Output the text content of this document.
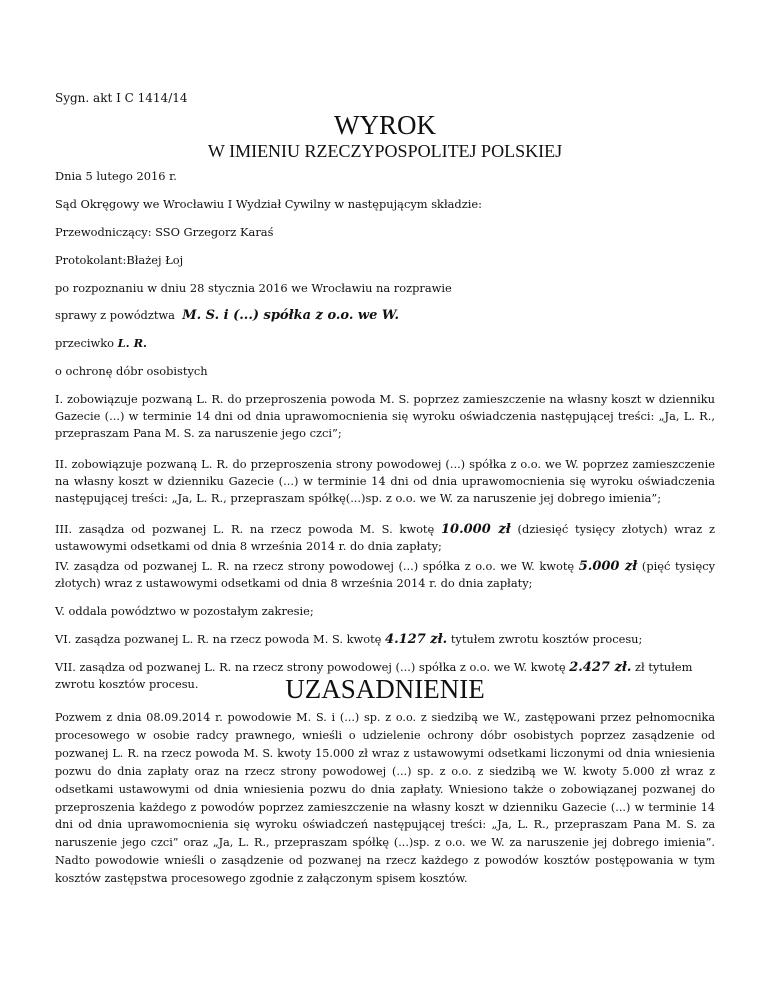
Sygn. akt I C 1414/14
WYROK
W IMIENIU RZECZYPOSPOLITEJ POLSKIEJ
Dnia 5 lutego 2016 r.
Sąd Okręgowy we Wrocławiu I Wydział Cywilny w następującym składzie:
Przewodniczący: SSO Grzegorz Karaś
Protokolant:Błażej Łoj
po rozpoznaniu w dniu 28 stycznia 2016 we Wrocławiu na rozprawie
sprawy z powództwa M. S. i (...) spółka z o.o. we W.
przeciwko L. R.
o ochronę dóbr osobistych
I. zobowiązuje pozwaną L. R. do przeproszenia powoda M. S. poprzez zamieszczenie na własny koszt w dzienniku Gazecie (...) w terminie 14 dni od dnia uprawomocnienia się wyroku oświadczenia następującej treści: „Ja, L. R., przepraszam Pana M. S. za naruszenie jego czci”;
II. zobowiązuje pozwaną L. R. do przeproszenia strony powodowej (...) spółka z o.o. we W. poprzez zamieszczenie na własny koszt w dzienniku Gazecie (...) w terminie 14 dni od dnia uprawomocnienia się wyroku oświadczenia następującej treści: „Ja, L. R., przepraszam spółkę(...)sp. z o.o. we W. za naruszenie jej dobrego imienia”;
III. zasądza od pozwanej L. R. na rzecz powoda M. S. kwotę 10.000 zł (dziesięć tysięcy złotych) wraz z ustawowymi odsetkami od dnia 8 września 2014 r. do dnia zapłaty;
IV. zasądza od pozwanej L. R. na rzecz strony powodowej (...) spółka z o.o. we W. kwotę 5.000 zł (pięć tysięcy złotych) wraz z ustawowymi odsetkami od dnia 8 września 2014 r. do dnia zapłaty;
V. oddala powództwo w pozostałym zakresie;
VI. zasądza pozwanej L. R. na rzecz powoda M. S. kwotę 4.127 zł. tytułem zwrotu kosztów procesu;
VII. zasądza od pozwanej L. R. na rzecz strony powodowej (...) spółka z o.o. we W. kwotę 2.427 zł. zł tytułem zwrotu kosztów procesu.	UZASADNIENIE
Pozwem z dnia 08.09.2014 r. powodowie M. S. i (...) sp. z o.o. z siedzibą we W., zastępowani przez pełnomocnika procesowego w osobie radcy prawnego, wnieśli o udzielenie ochrony dóbr osobistych poprzez zasądzenie od pozwanej L. R. na rzecz powoda M. S. kwoty 15.000 zł wraz z ustawowymi odsetkami liczonymi od dnia wniesienia pozwu do dnia zapłaty oraz na rzecz strony powodowej (...) sp. z o.o. z siedzibą we W. kwoty 5.000 zł wraz z odsetkami ustawowymi od dnia wniesienia pozwu do dnia zapłaty. Wniesiono także o zobowiązanej pozwanej do przeproszenia każdego z powodów poprzez zamieszczenie na własny koszt w dzienniku Gazecie (...) w terminie 14 dni od dnia uprawomocnienia się wyroku oświadczeń następującej treści: „Ja, L. R., przepraszam Pana M. S. za naruszenie jego czci” oraz „Ja, L. R., przepraszam spółkę (...)sp. z o.o. we W. za naruszenie jej dobrego imienia”. Nadto powodowie wnieśli o zasądzenie od pozwanej na rzecz każdego z powodów kosztów postępowania w tym kosztów zastępstwa procesowego zgodnie z załączonym spisem kosztów.
